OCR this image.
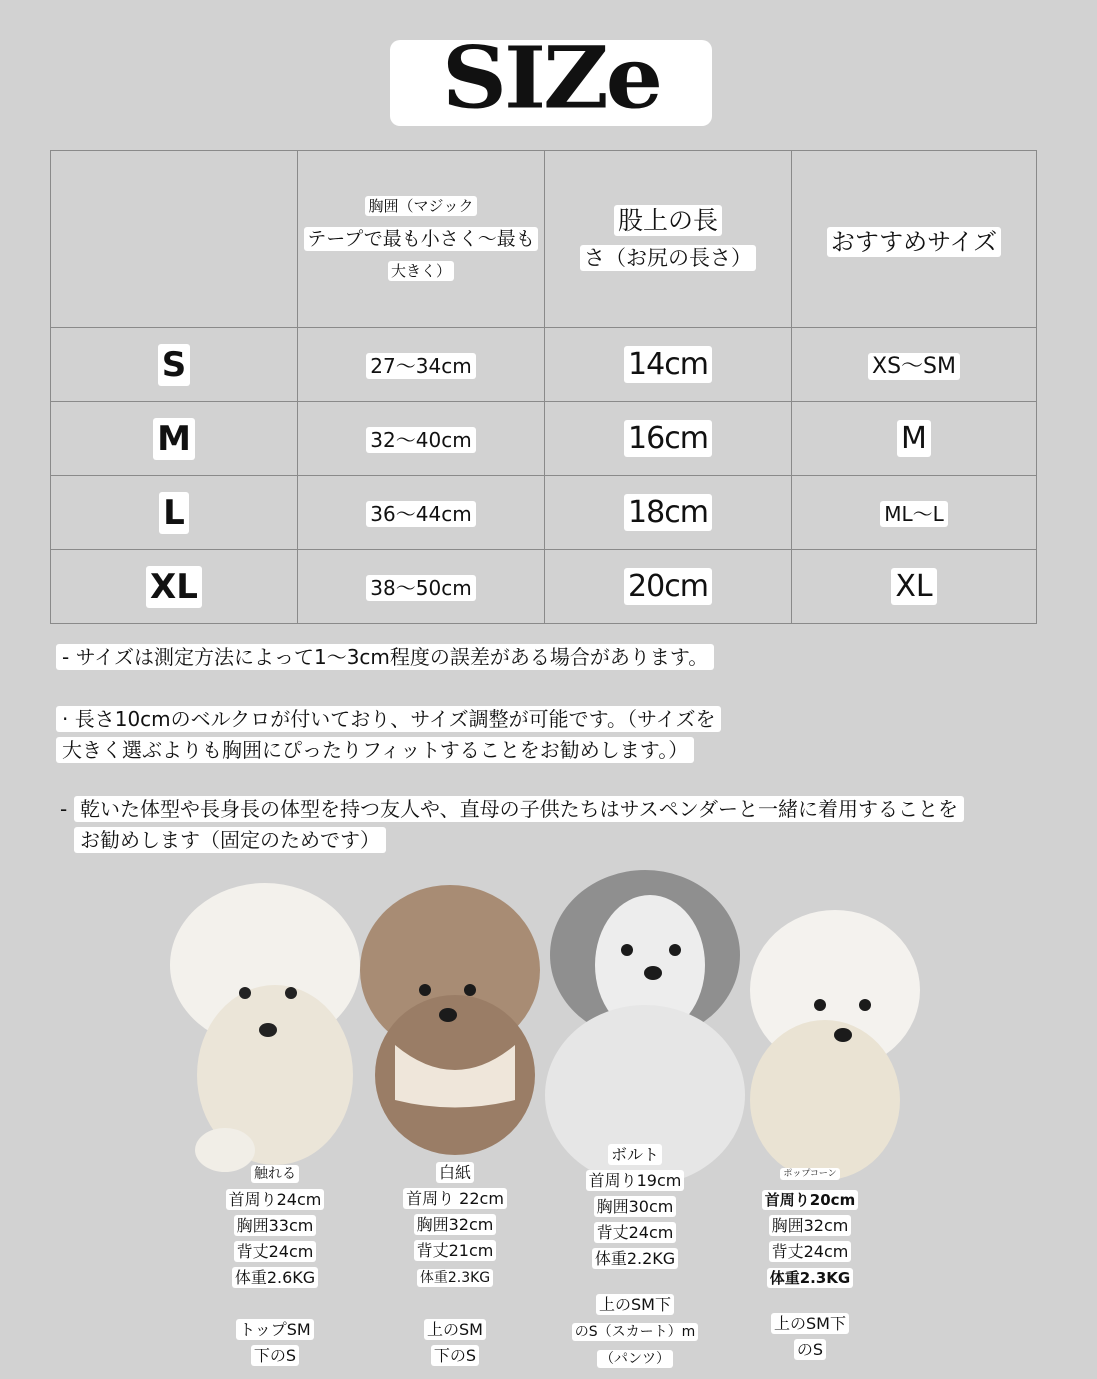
SIZe

	胸囲（マジック
テープで最も小さく〜最も
大きく）	股上の長
さ（お尻の長さ）	おすすめサイズ
S	27〜34cm	14cm	XS〜SM
M	32〜40cm	16cm	M
L	36〜44cm	18cm	ML〜L
XL	38〜50cm	20cm	XL
- サイズは測定方法によって1〜3cm程度の誤差がある場合があります。
· 長さ10cmのベルクロが付いており、サイズ調整が可能です。（サイズを
大きく選ぶよりも胸囲にぴったりフィットすることをお勧めします。）
- 乾いた体型や長身長の体型を持つ友人や、直母の子供たちはサスペンダーと一緒に着用することを
お勧めします（固定のためです）
触れる
首周り24cm
胸囲33cm
背丈24cm
体重2.6KG
トップSM
下のS
白紙
首周り 22cm
胸囲32cm
背丈21cm
体重2.3KG
上のSM
下のS
ボルト
首周り19cm
胸囲30cm
背丈24cm
体重2.2KG
上のSM下
のS（スカート）m
（パンツ）
ポップコーン
首周り20cm
胸囲32cm
背丈24cm
体重2.3KG
上のSM下
のS
